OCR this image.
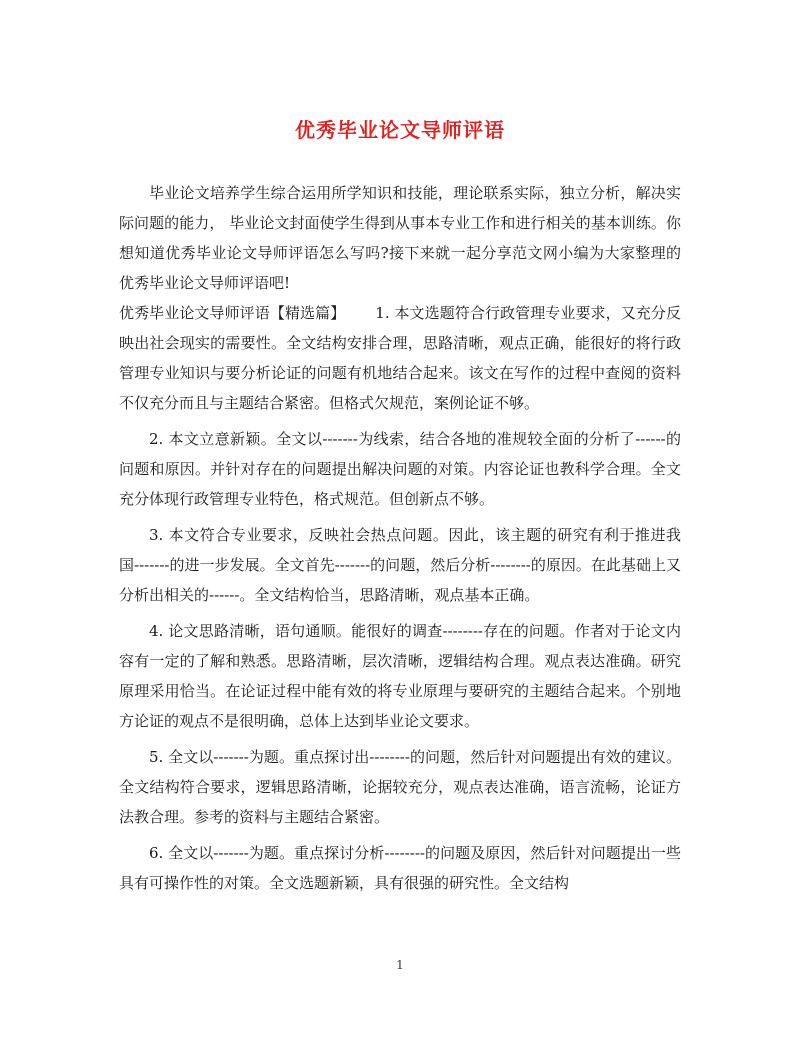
优秀毕业论文导师评语

毕业论文培养学生综合运用所学知识和技能，理论联系实际，独立分析，解决实际问题的能力， 毕业论文封面使学生得到从事本专业工作和进行相关的基本训练。你想知道优秀毕业论文导师评语怎么写吗?接下来就一起分享范文网小编为大家整理的优秀毕业论文导师评语吧!

优秀毕业论文导师评语【精选篇】 1. 本文选题符合行政管理专业要求，又充分反映出社会现实的需要性。全文结构安排合理，思路清晰，观点正确，能很好的将行政管理专业知识与要分析论证的问题有机地结合起来。该文在写作的过程中查阅的资料不仅充分而且与主题结合紧密。但格式欠规范，案例论证不够。

2. 本文立意新颖。全文以-------为线索，结合各地的准规较全面的分析了------的问题和原因。并针对存在的问题提出解决问题的对策。内容论证也教科学合理。全文充分体现行政管理专业特色，格式规范。但创新点不够。

3. 本文符合专业要求，反映社会热点问题。因此，该主题的研究有利于推进我国-------的进一步发展。全文首先-------的问题，然后分析--------的原因。在此基础上又分析出相关的------。全文结构恰当，思路清晰，观点基本正确。

4. 论文思路清晰，语句通顺。能很好的调查--------存在的问题。作者对于论文内容有一定的了解和熟悉。思路清晰，层次清晰，逻辑结构合理。观点表达准确。研究原理采用恰当。在论证过程中能有效的将专业原理与要研究的主题结合起来。个别地方论证的观点不是很明确，总体上达到毕业论文要求。

5. 全文以-------为题。重点探讨出--------的问题，然后针对问题提出有效的建议。全文结构符合要求，逻辑思路清晰，论据较充分，观点表达准确，语言流畅，论证方法教合理。参考的资料与主题结合紧密。

6. 全文以-------为题。重点探讨分析--------的问题及原因，然后针对问题提出一些具有可操作性的对策。全文选题新颖，具有很强的研究性。全文结构

1
